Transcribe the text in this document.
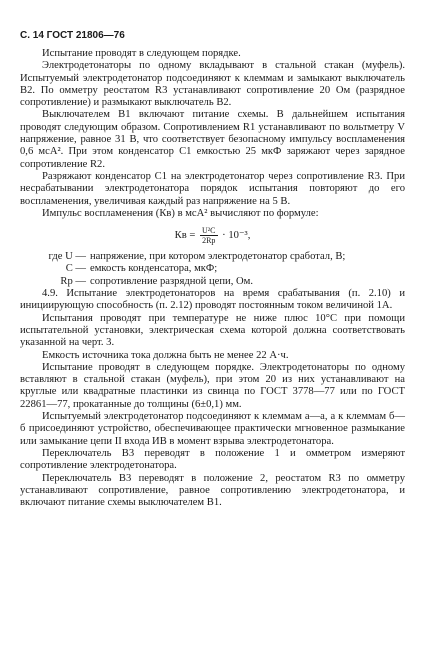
С. 14 ГОСТ 21806—76

Испытание проводят в следующем порядке.

Электродетонаторы по одному вкладывают в стальной стакан (муфель). Испытуемый электродетонатор подсоединяют к клеммам и замыкают выключатель В2. По омметру реостатом R3 устанавливают сопротивление 20 Ом (разрядное сопротивление) и размыкают выключатель В2.

Выключателем В1 включают питание схемы. В дальнейшем испытания проводят следующим образом. Сопротивлением R1 устанавливают по вольтметру V напряжение, равное 31 В, что соответствует безопасному импульсу воспламенения 0,6 мсА². При этом конденсатор С1 емкостью 25 мкФ заряжают через зарядное сопротивление R2.

Разряжают конденсатор С1 на электродетонатор через сопротивление R3. При несрабатывании электродетонатора порядок испытания повторяют до его воспламенения, увеличивая каждый раз напряжение на 5 В.

Импульс воспламенения (Кв) в мсА² вычисляют по формуле:

Кв = $\frac{\text{U²C}}{2Rр} \cdot 10^{-3}$,
где U — напряжение, при котором электродетонатор сработал, В;
С — емкость конденсатора, мкФ;
Rр — сопротивление разрядной цепи, Ом.

4.9. Испытание электродетонаторов на время срабатывания (п. 2.10) и инициирующую способность (п. 2.12) проводят постоянным током величиной 1А.

Испытания проводят при температуре не ниже плюс 10°С при помощи испытательной установки, электрическая схема которой должна соответствовать указанной на черт. 3.

Емкость источника тока должна быть не менее 22 А·ч.

Испытание проводят в следующем порядке. Электродетонаторы по одному вставляют в стальной стакан (муфель), при этом 20 из них устанавливают на круглые или квадратные пластинки из свинца по ГОСТ 3778—77 или по ГОСТ 22861—77, прокатанные до толщины (6±0,1) мм.

Испытуемый электродетонатор подсоединяют к клеммам а—а, а к клеммам б—б присоединяют устройство, обеспечивающее практически мгновенное размыкание или замыкание цепи II входа ИВ в момент взрыва электродетонатора.

Переключатель В3 переводят в положение 1 и омметром измеряют сопротивление электродетонатора.

Переключатель В3 переводят в положение 2, реостатом R3 по омметру устанавливают сопротивление, равное сопротивлению электродетонатора, и включают питание схемы выключателем В1.
